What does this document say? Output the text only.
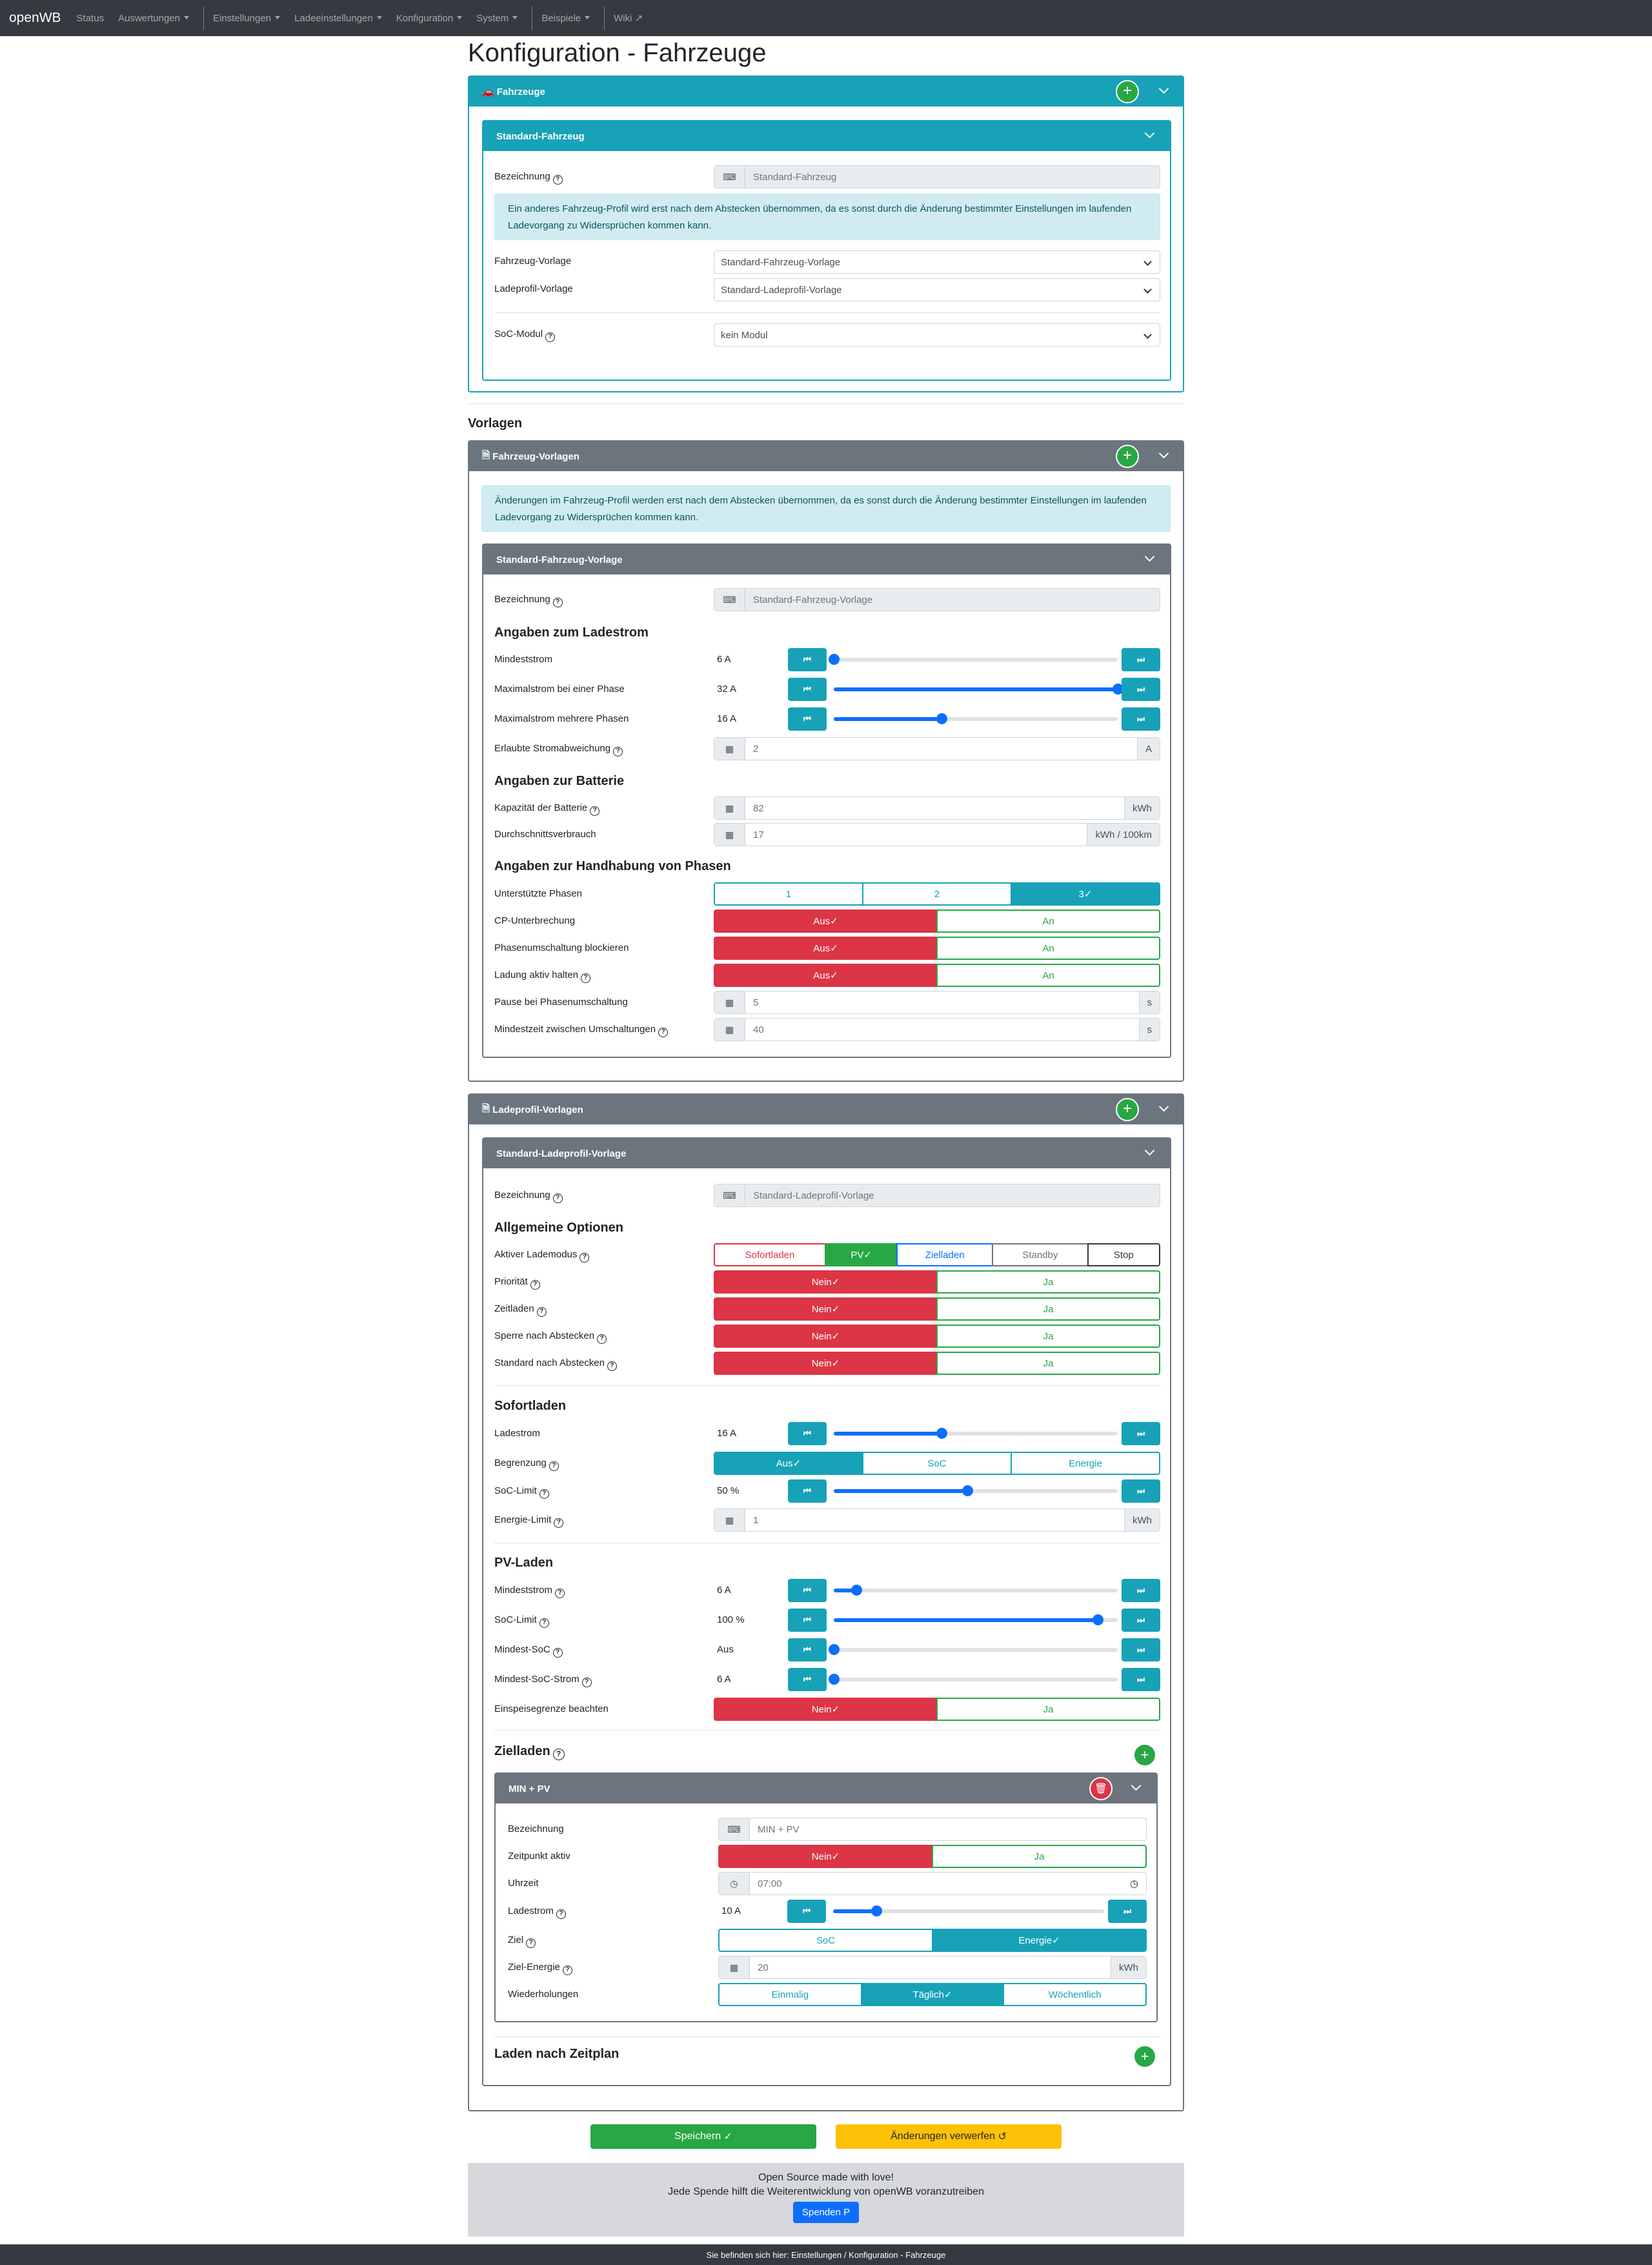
openWB Status Auswertungen	Einstellungen	Ladeeinstellungen	Konfiguration	System	Beispiele	Wiki ↗
Konfiguration - Fahrzeuge
🚗
Fahrzeuge	+
Standard-Fahrzeug
Bezeichnung ?	⌨	Standard-Fahrzeug
Ein anderes Fahrzeug-Profil wird erst nach dem Abstecken übernommen, da es sonst durch die Änderung bestimmter Einstellungen im laufenden Ladevorgang zu Widersprüchen kommen kann.
Fahrzeug-Vorlage	Standard-Fahrzeug-Vorlage
Ladeprofil-Vorlage	Standard-Ladeprofil-Vorlage
SoC-Modul ?	kein Modul
Vorlagen
🗎
Fahrzeug-Vorlagen	+
Standard-Fahrzeug-Vorlage
Änderungen im Fahrzeug-Profil werden erst nach dem Abstecken übernommen, da es sonst durch die Änderung bestimmter Einstellungen im laufenden Ladevorgang zu Widersprüchen kommen kann.
Bezeichnung ?	⌨	Standard-Fahrzeug-Vorlage
Angaben zum Ladestrom
Mindeststrom	6 A	⏮	⏭
Maximalstrom bei einer Phase	32 A	⏮	⏭
Maximalstrom mehrere Phasen	16 A	⏮	⏭
Erlaubte Stromabweichung ?	▦	2	A
Angaben zur Batterie
Kapazität der Batterie ?	▦	82	kWh
Durchschnittsverbrauch	▦	17	kWh / 100km
Angaben zur Handhabung von Phasen
Unterstützte Phasen	1	2	3 ✓
CP-Unterbrechung	Aus ✓	An
Phasenumschaltung blockieren	Aus ✓	An
Ladung aktiv halten ?	Aus ✓	An
Pause bei Phasenumschaltung	▦	5	s
Mindestzeit zwischen Umschaltungen ?	▦	40	s
🗎
Ladeprofil-Vorlagen	+
Standard-Ladeprofil-Vorlage
Bezeichnung ?	⌨	Standard-Ladeprofil-Vorlage
Allgemeine Optionen
Aktiver Lademodus ?	Sofortladen	PV ✓	Zielladen	Standby	Stop
Priorität ?	Nein ✓	Ja
Zeitladen ?	Nein ✓	Ja
Sperre nach Abstecken ?	Nein ✓	Ja
Standard nach Abstecken ?	Nein ✓	Ja
Sofortladen
Ladestrom	16 A	⏮	⏭
Begrenzung ?	Aus ✓	SoC	Energie
SoC-Limit ?	50 %	⏮	⏭
Energie-Limit ?	▦	1	kWh
PV-Laden
Mindeststrom ?	6 A	⏮	⏭
SoC-Limit ?	100 %	⏮	⏭
Mindest-SoC ?	Aus	⏮	⏭
Mindest-SoC-Strom ?	6 A	⏮	⏭
Einspeisegrenze beachten	Nein ✓	Ja
Zielladen ?	+
MIN + PV	🗑
Bezeichnung	⌨	MIN + PV
Zeitpunkt aktiv	Nein ✓	Ja
Uhrzeit	◷	07:00	◷
Ladestrom ?	10 A	⏮	⏭
Ziel ?	SoC	Energie ✓
Ziel-Energie ?	▦	20	kWh
Wiederholungen	Einmalig	Täglich ✓	Wöchentlich
Laden nach Zeitplan	+
Speichern
✓	Änderungen verwerfen
↺
Open Source made with love!
Jede Spende hilft die Weiterentwicklung von openWB voranzutreiben
Spenden P
Sie befinden sich hier: Einstellungen / Konfiguration - Fahrzeuge
